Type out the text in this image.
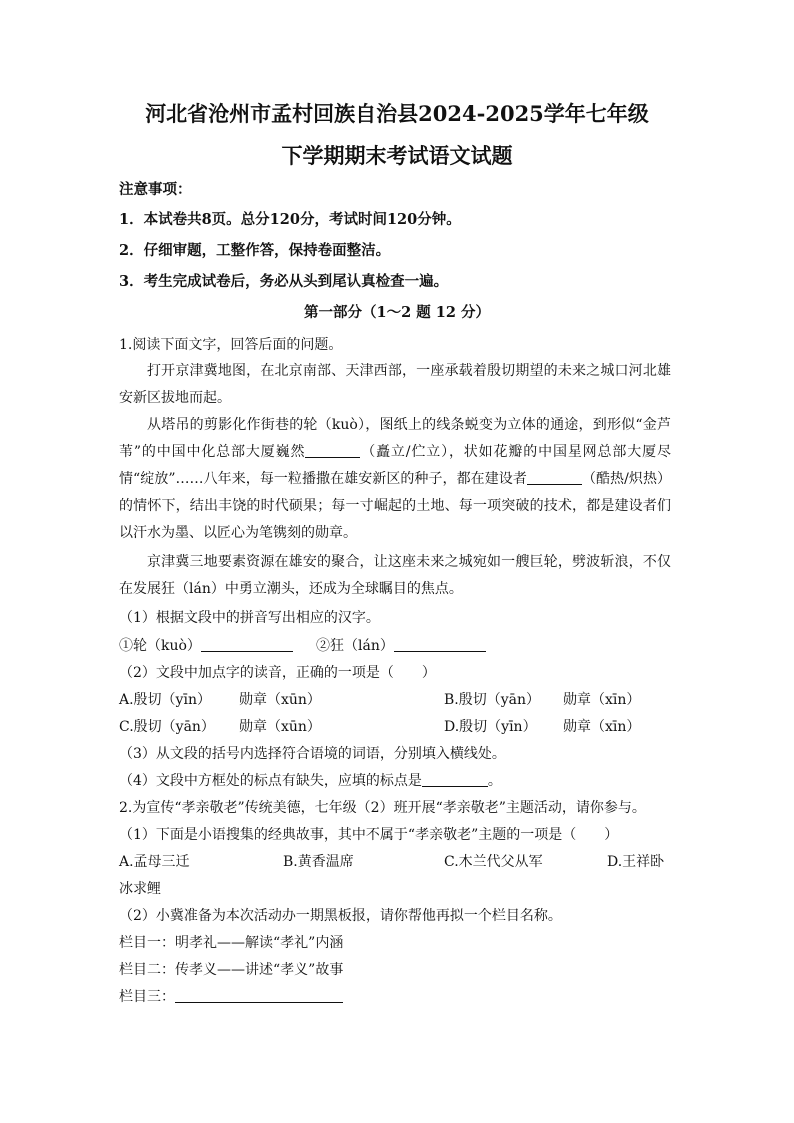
河北省沧州市孟村回族自治县2024-2025学年七年级
下学期期末考试语文试题
注意事项：
1．本试卷共8页。总分120分，考试时间120分钟。
2．仔细审题，工整作答，保持卷面整洁。
3．考生完成试卷后，务必从头到尾认真检查一遍。
第一部分（1～2 题 12 分）
1.阅读下面文字，回答后面的问题。
打开京津冀地图，在北京南部、天津西部，一座承载着殷切期望的未来之城口河北雄安新区拔地而起。
从塔吊的剪影化作街巷的轮（kuò），图纸上的线条蜕变为立体的通途，到形似“金芦苇”的中国中化总部大厦巍然	（矗立/伫立），状如花瓣的中国星网总部大厦尽情“绽放”……八年来，每一粒播撒在雄安新区的种子，都在建设者	（酷热/炽热）的情怀下，结出丰饶的时代硕果；每一寸崛起的土地、每一项突破的技术，都是建设者们以汗水为墨、以匠心为笔镌刻的勋章。
京津冀三地要素资源在雄安的聚合，让这座未来之城宛如一艘巨轮，劈波斩浪，不仅在发展狂（lán）中勇立潮头，还成为全球瞩目的焦点。
（1）根据文段中的拼音写出相应的汉字。
①轮（kuò）	②狂（lán）
（2）文段中加点字的读音，正确的一项是（　　）
A.殷切（yīn） 勋章（xūn）	B.殷切（yān） 勋章（xīn）
C.殷切（yān） 勋章（xūn）	D.殷切（yīn） 勋章（xīn）
（3）从文段的括号内选择符合语境的词语，分别填入横线处。
（4）文段中方框处的标点有缺失，应填的标点是	。
2.为宣传“孝亲敬老”传统美德，七年级（2）班开展“孝亲敬老”主题活动，请你参与。
（1）下面是小语搜集的经典故事，其中不属于“孝亲敬老”主题的一项是（　　）
A.孟母三迁	B.黄香温席	C.木兰代父从军	D.王祥卧
冰求鲤
（2）小冀准备为本次活动办一期黑板报，请你帮他再拟一个栏目名称。
栏目一：明孝礼——解读“孝礼”内涵
栏目二：传孝义——讲述“孝义”故事
栏目三：
